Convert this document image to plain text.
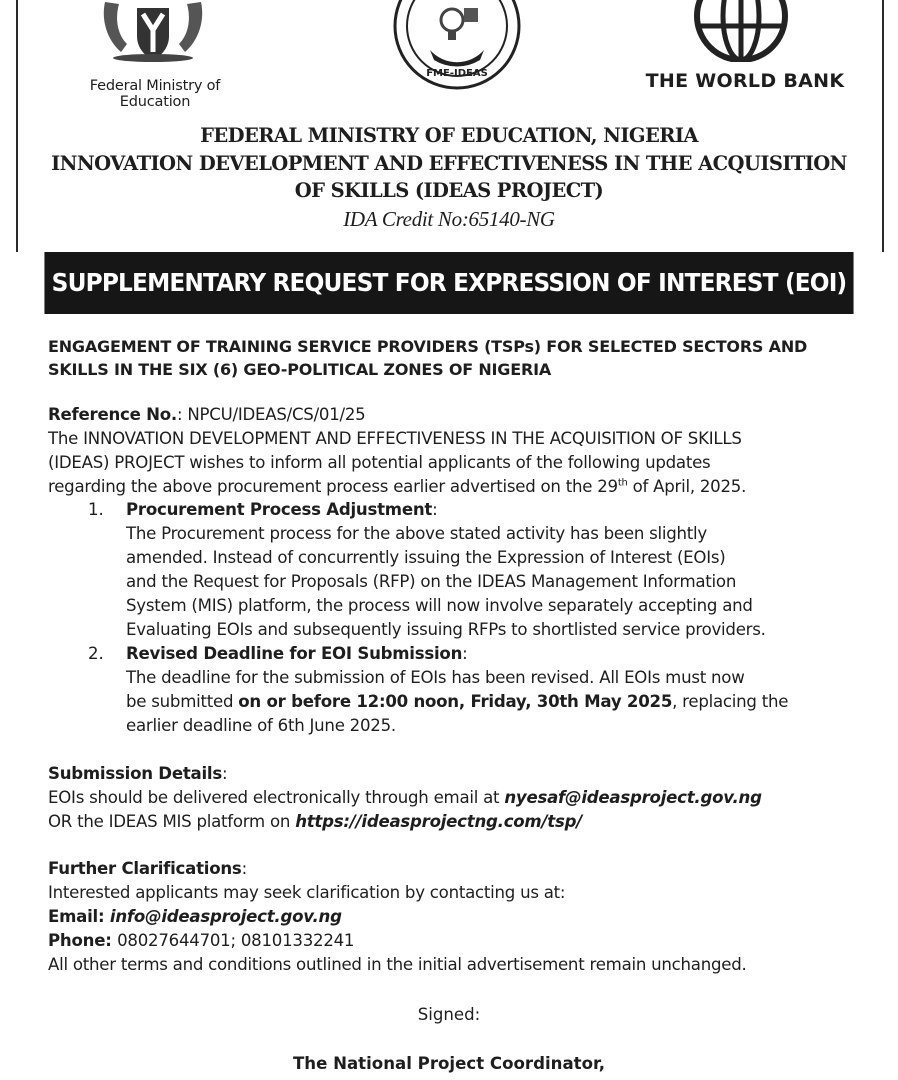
Federal Ministry of Education
FME-IDEAS	THE WORLD BANK
FEDERAL MINISTRY OF EDUCATION, NIGERIA
INNOVATION DEVELOPMENT AND EFFECTIVENESS IN THE ACQUISITION
OF SKILLS (IDEAS PROJECT)
IDA Credit No:65140-NG
SUPPLEMENTARY REQUEST FOR EXPRESSION OF INTEREST (EOI)
ENGAGEMENT OF TRAINING SERVICE PROVIDERS (TSPs) FOR SELECTED SECTORS AND
SKILLS IN THE SIX (6) GEO-POLITICAL ZONES OF NIGERIA
Reference No.: NPCU/IDEAS/CS/01/25
The INNOVATION DEVELOPMENT AND EFFECTIVENESS IN THE ACQUISITION OF SKILLS
(IDEAS) PROJECT wishes to inform all potential applicants of the following updates
regarding the above procurement process earlier advertised on the 29th of April, 2025.
1. Procurement Process Adjustment:
The Procurement process for the above stated activity has been slightly
amended. Instead of concurrently issuing the Expression of Interest (EOIs)
and the Request for Proposals (RFP) on the IDEAS Management Information
System (MIS) platform, the process will now involve separately accepting and
Evaluating EOIs and subsequently issuing RFPs to shortlisted service providers.
2. Revised Deadline for EOI Submission:
The deadline for the submission of EOIs has been revised. All EOIs must now
be submitted on or before 12:00 noon, Friday, 30th May 2025, replacing the
earlier deadline of 6th June 2025.
Submission Details:
EOIs should be delivered electronically through email at nyesaf@ideasproject.gov.ng
OR the IDEAS MIS platform on https://ideasprojectng.com/tsp/
Further Clarifications:
Interested applicants may seek clarification by contacting us at:
Email: info@ideasproject.gov.ng
Phone: 08027644701; 08101332241
All other terms and conditions outlined in the initial advertisement remain unchanged.
Signed:
The National Project Coordinator,
